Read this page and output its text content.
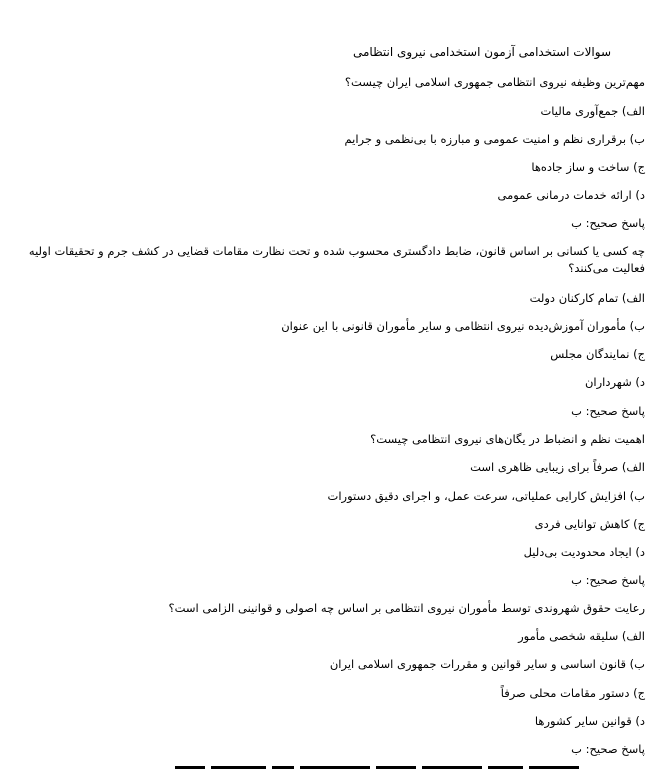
سوالات استخدامی آزمون استخدامی نیروی انتظامی
مهم‌ترین وظیفه نیروی انتظامی جمهوری اسلامی ایران چیست؟
الف) جمع‌آوری مالیات
ب) برقراری نظم و امنیت عمومی و مبارزه با بی‌نظمی و جرایم
ج) ساخت و ساز جاده‌ها
د) ارائه خدمات درمانی عمومی
پاسخ صحیح: ب
چه کسی یا کسانی بر اساس قانون، ضابط دادگستری محسوب شده و تحت نظارت مقامات قضایی در کشف جرم و تحقیقات اولیه فعالیت می‌کنند؟
الف) تمام کارکنان دولت
ب) مأموران آموزش‌دیده نیروی انتظامی و سایر مأموران قانونی با این عنوان
ج) نمایندگان مجلس
د) شهرداران
پاسخ صحیح: ب
اهمیت نظم و انضباط در یگان‌های نیروی انتظامی چیست؟
الف) صرفاً برای زیبایی ظاهری است
ب) افزایش کارایی عملیاتی، سرعت عمل، و اجرای دقیق دستورات
ج) کاهش توانایی فردی
د) ایجاد محدودیت بی‌دلیل
پاسخ صحیح: ب
رعایت حقوق شهروندی توسط مأموران نیروی انتظامی بر اساس چه اصولی و قوانینی الزامی است؟
الف) سلیقه شخصی مأمور
ب) قانون اساسی و سایر قوانین و مقررات جمهوری اسلامی ایران
ج) دستور مقامات محلی صرفاً
د) قوانین سایر کشورها
پاسخ صحیح: ب
